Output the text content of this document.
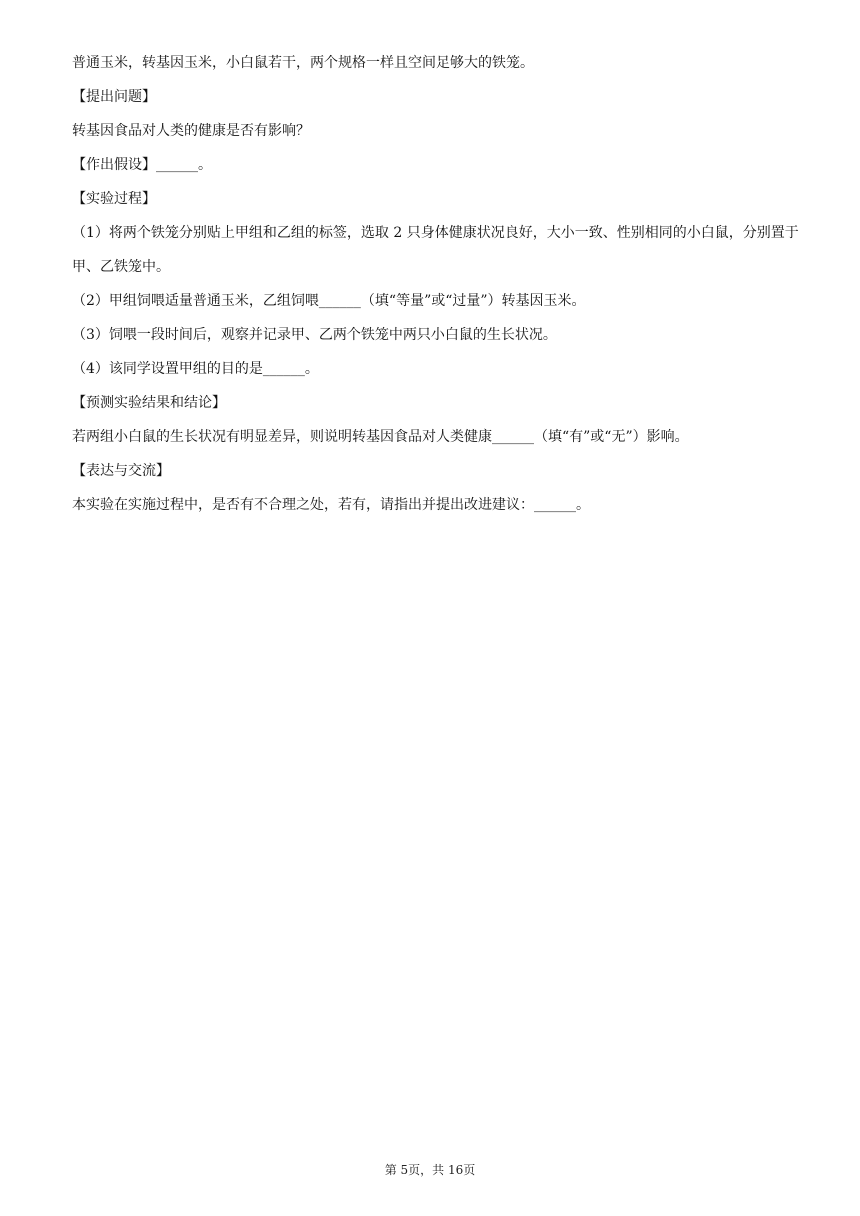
普通玉米，转基因玉米，小白鼠若干，两个规格一样且空间足够大的铁笼。
【提出问题】
转基因食品对人类的健康是否有影响？
【作出假设】______。
【实验过程】
（1）将两个铁笼分别贴上甲组和乙组的标签，选取 2 只身体健康状况良好，大小一致、性别相同的小白鼠，分别置于甲、乙铁笼中。
（2）甲组饲喂适量普通玉米，乙组饲喂______（填“等量”或“过量”）转基因玉米。
（3）饲喂一段时间后，观察并记录甲、乙两个铁笼中两只小白鼠的生长状况。
（4）该同学设置甲组的目的是______。
【预测实验结果和结论】
若两组小白鼠的生长状况有明显差异，则说明转基因食品对人类健康______（填“有”或“无”）影响。
【表达与交流】
本实验在实施过程中，是否有不合理之处，若有，请指出并提出改进建议：______。
第 5页，共 16页
